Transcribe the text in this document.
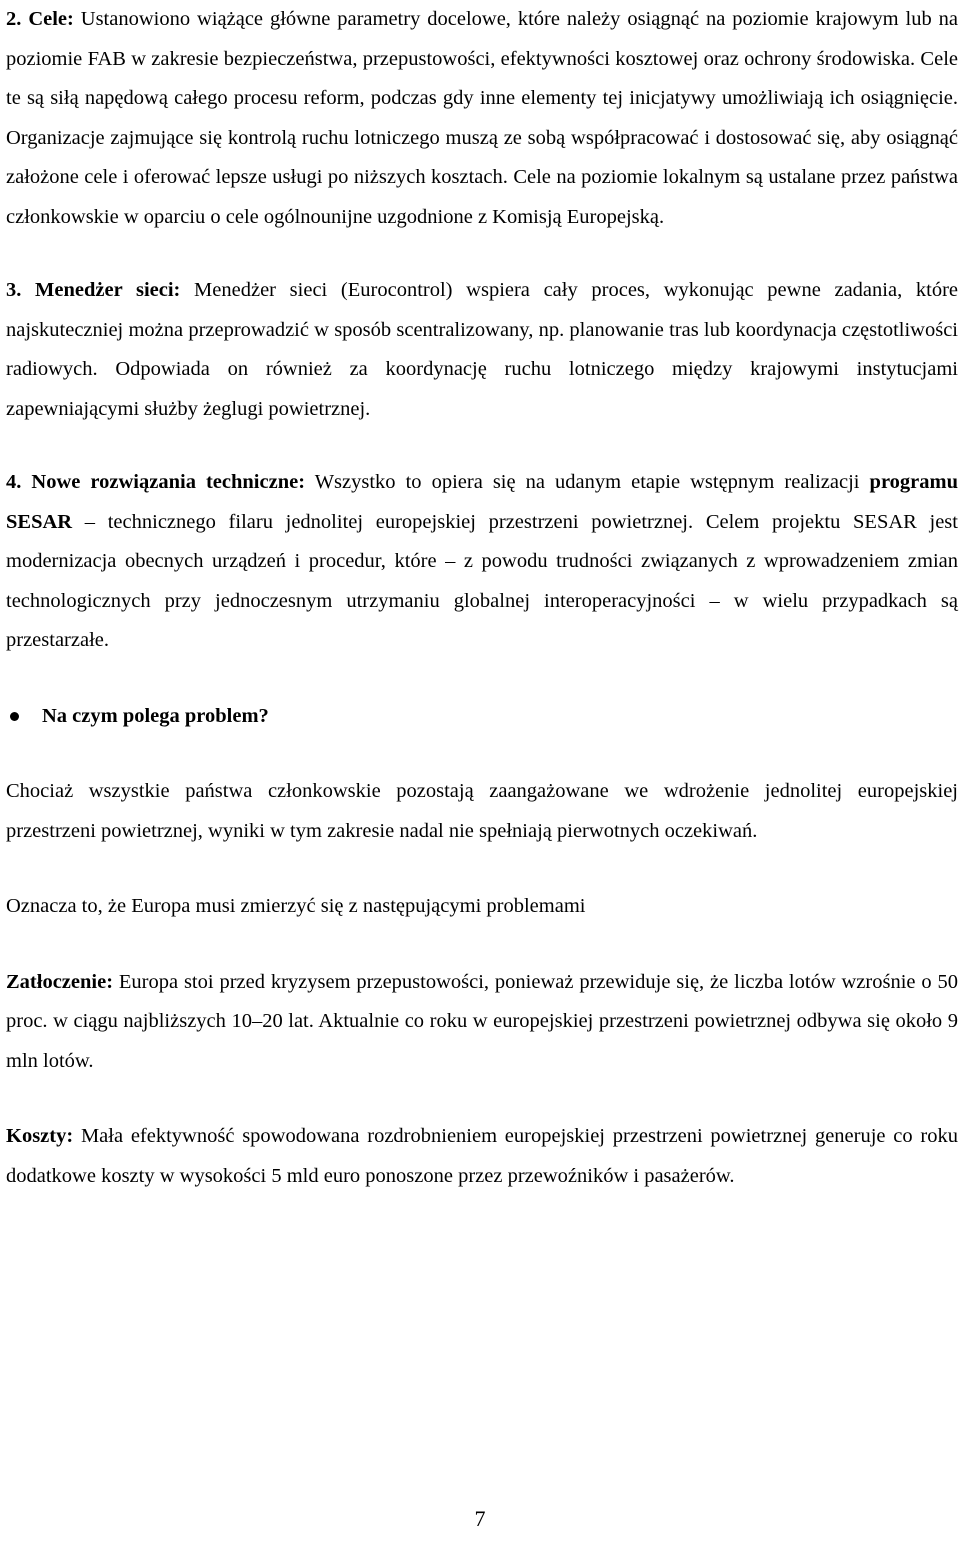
2. Cele: Ustanowiono wiążące główne parametry docelowe, które należy osiągnąć na poziomie krajowym lub na poziomie FAB w zakresie bezpieczeństwa, przepustowości, efektywności kosztowej oraz ochrony środowiska. Cele te są siłą napędową całego procesu reform, podczas gdy inne elementy tej inicjatywy umożliwiają ich osiągnięcie. Organizacje zajmujące się kontrolą ruchu lotniczego muszą ze sobą współpracować i dostosować się, aby osiągnąć założone cele i oferować lepsze usługi po niższych kosztach. Cele na poziomie lokalnym są ustalane przez państwa członkowskie w oparciu o cele ogólnounijne uzgodnione z Komisją Europejską.

3. Menedżer sieci: Menedżer sieci (Eurocontrol) wspiera cały proces, wykonując pewne zadania, które najskuteczniej można przeprowadzić w sposób scentralizowany, np. planowanie tras lub koordynacja częstotliwości radiowych. Odpowiada on również za koordynację ruchu lotniczego między krajowymi instytucjami zapewniającymi służby żeglugi powietrznej.

4. Nowe rozwiązania techniczne: Wszystko to opiera się na udanym etapie wstępnym realizacji programu SESAR – technicznego filaru jednolitej europejskiej przestrzeni powietrznej. Celem projektu SESAR jest modernizacja obecnych urządzeń i procedur, które – z powodu trudności związanych z wprowadzeniem zmian technologicznych przy jednoczesnym utrzymaniu globalnej interoperacyjności – w wielu przypadkach są przestarzałe.

Na czym polega problem?

Chociaż wszystkie państwa członkowskie pozostają zaangażowane we wdrożenie jednolitej europejskiej przestrzeni powietrznej, wyniki w tym zakresie nadal nie spełniają pierwotnych oczekiwań.

Oznacza to, że Europa musi zmierzyć się z następującymi problemami

Zatłoczenie: Europa stoi przed kryzysem przepustowości, ponieważ przewiduje się, że liczba lotów wzrośnie o 50 proc. w ciągu najbliższych 10–20 lat. Aktualnie co roku w europejskiej przestrzeni powietrznej odbywa się około 9 mln lotów.

Koszty: Mała efektywność spowodowana rozdrobnieniem europejskiej przestrzeni powietrznej generuje co roku dodatkowe koszty w wysokości 5 mld euro ponoszone przez przewoźników i pasażerów.

7
